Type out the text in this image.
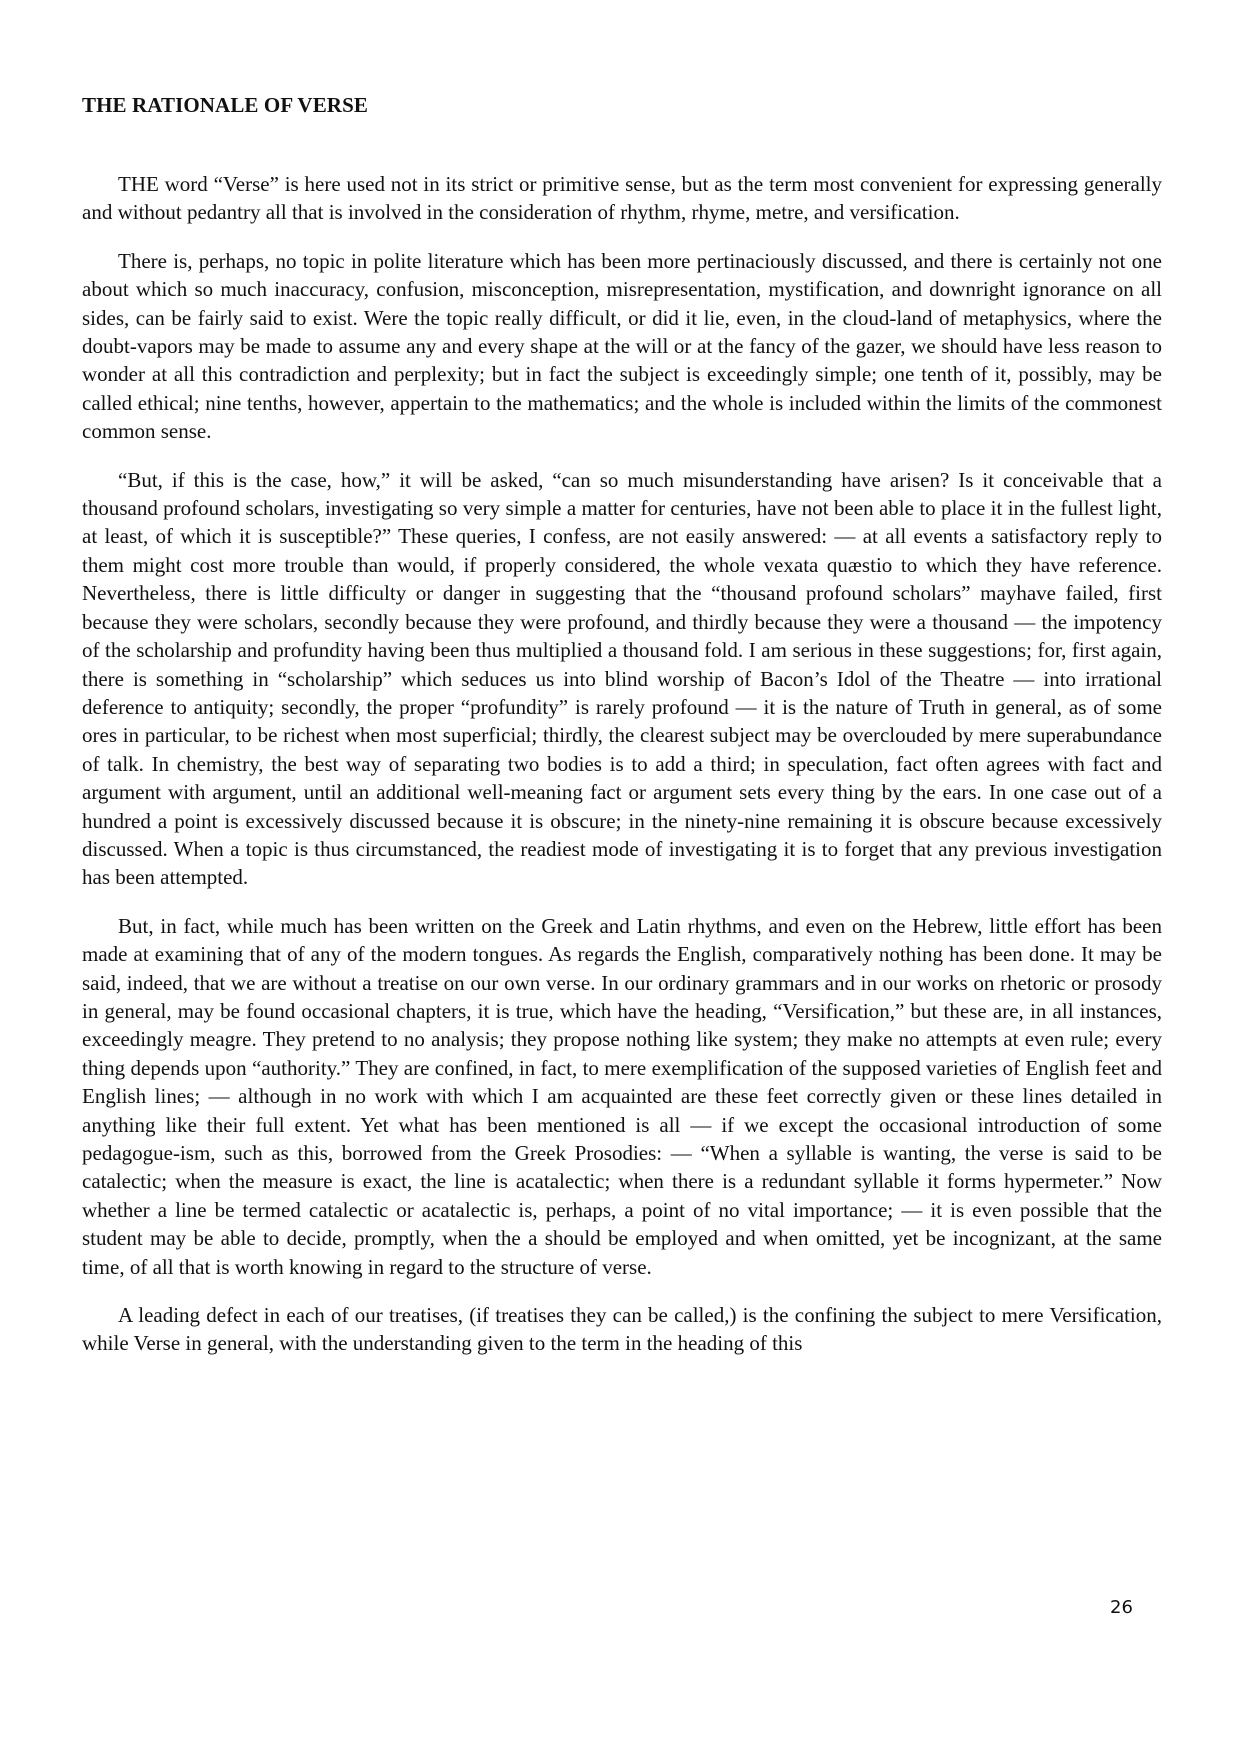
THE RATIONALE OF VERSE

THE word “Verse” is here used not in its strict or primitive sense, but as the term most convenient for expressing generally and without pedantry all that is involved in the consideration of rhythm, rhyme, metre, and versification.

There is, perhaps, no topic in polite literature which has been more pertinaciously discussed, and there is certainly not one about which so much inaccuracy, confusion, misconception, misrepresentation, mystification, and downright ignorance on all sides, can be fairly said to exist. Were the topic really difficult, or did it lie, even, in the cloud-land of metaphysics, where the doubt-vapors may be made to assume any and every shape at the will or at the fancy of the gazer, we should have less reason to wonder at all this contradiction and perplexity; but in fact the subject is exceedingly simple; one tenth of it, possibly, may be called ethical; nine tenths, however, appertain to the mathematics; and the whole is included within the limits of the commonest common sense.

“But, if this is the case, how,” it will be asked, “can so much misunderstanding have arisen? Is it conceivable that a thousand profound scholars, investigating so very simple a matter for centuries, have not been able to place it in the fullest light, at least, of which it is susceptible?” These queries, I confess, are not easily answered: — at all events a satisfactory reply to them might cost more trouble than would, if properly considered, the whole vexata quæstio to which they have reference. Nevertheless, there is little difficulty or danger in suggesting that the “thousand profound scholars” mayhave failed, first because they were scholars, secondly because they were profound, and thirdly because they were a thousand — the impotency of the scholarship and profundity having been thus multiplied a thousand fold. I am serious in these suggestions; for, first again, there is something in “scholarship” which seduces us into blind worship of Bacon’s Idol of the Theatre — into irrational deference to antiquity; secondly, the proper “profundity” is rarely profound — it is the nature of Truth in general, as of some ores in particular, to be richest when most superficial; thirdly, the clearest subject may be overclouded by mere superabundance of talk. In chemistry, the best way of separating two bodies is to add a third; in speculation, fact often agrees with fact and argument with argument, until an additional well-meaning fact or argument sets every thing by the ears. In one case out of a hundred a point is excessively discussed because it is obscure; in the ninety-nine remaining it is obscure because excessively discussed. When a topic is thus circumstanced, the readiest mode of investigating it is to forget that any previous investigation has been attempted.

But, in fact, while much has been written on the Greek and Latin rhythms, and even on the Hebrew, little effort has been made at examining that of any of the modern tongues. As regards the English, comparatively nothing has been done. It may be said, indeed, that we are without a treatise on our own verse. In our ordinary grammars and in our works on rhetoric or prosody in general, may be found occasional chapters, it is true, which have the heading, “Versification,” but these are, in all instances, exceedingly meagre. They pretend to no analysis; they propose nothing like system; they make no attempts at even rule; every thing depends upon “authority.” They are confined, in fact, to mere exemplification of the supposed varieties of English feet and English lines; — although in no work with which I am acquainted are these feet correctly given or these lines detailed in anything like their full extent. Yet what has been mentioned is all — if we except the occasional introduction of some pedagogue-ism, such as this, borrowed from the Greek Prosodies: — “When a syllable is wanting, the verse is said to be catalectic; when the measure is exact, the line is acatalectic; when there is a redundant syllable it forms hypermeter.” Now whether a line be termed catalectic or acatalectic is, perhaps, a point of no vital importance; — it is even possible that the student may be able to decide, promptly, when the a should be employed and when omitted, yet be incognizant, at the same time, of all that is worth knowing in regard to the structure of verse.

A leading defect in each of our treatises, (if treatises they can be called,) is the confining the subject to mere Versification, while Verse in general, with the understanding given to the term in the heading of this

26
